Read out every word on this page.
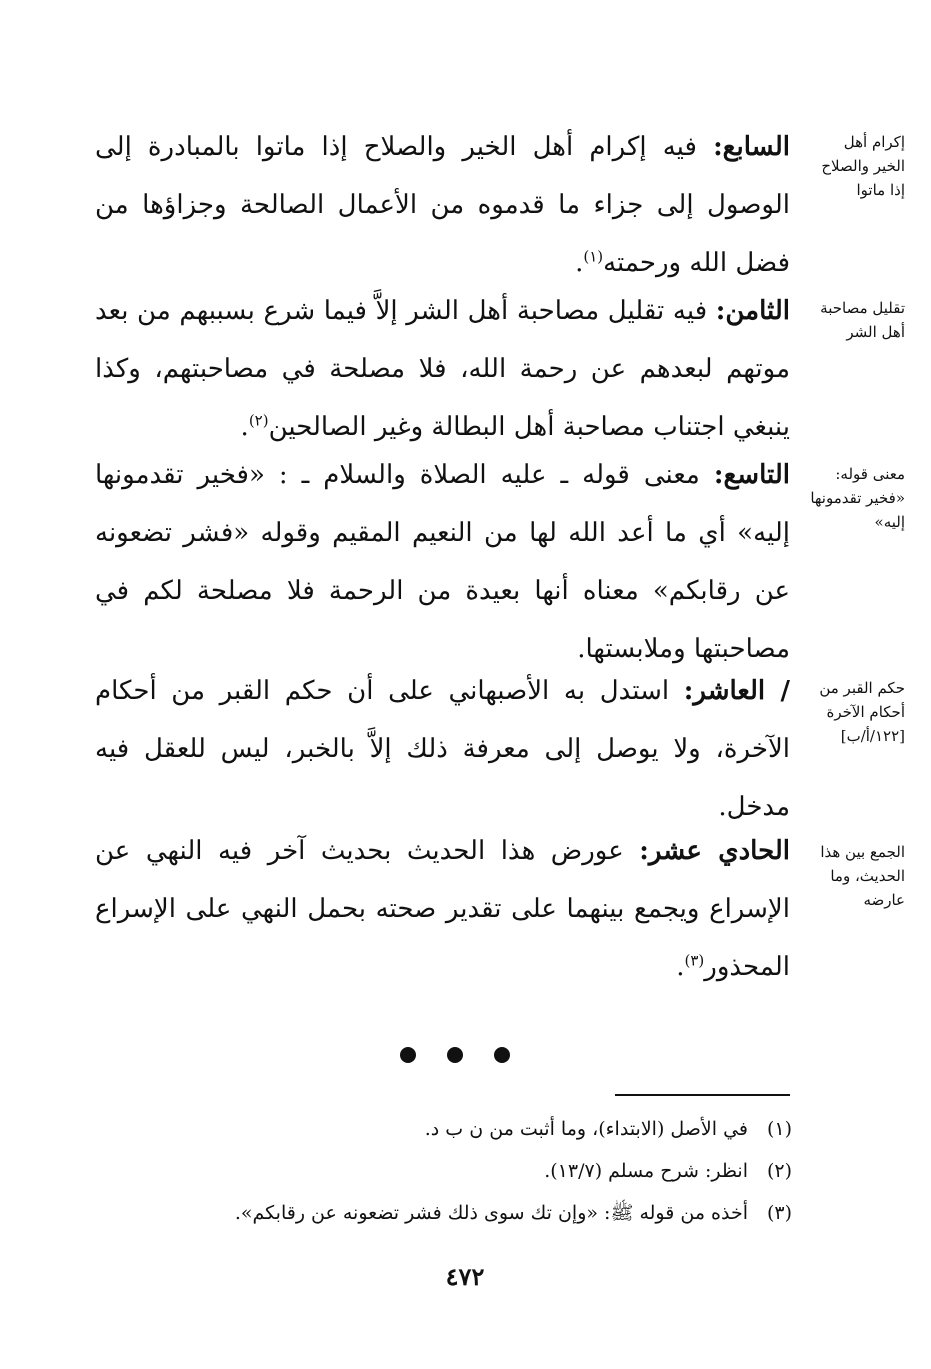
إكرام أهل الخير والصلاح إذا ماتوا
السابع: فيه إكرام أهل الخير والصلاح إذا ماتوا بالمبادرة إلى الوصول إلى جزاء ما قدموه من الأعمال الصالحة وجزاؤها من فضل الله ورحمته$^{(١)}$.
تقليل مصاحبة أهل الشر
الثامن: فيه تقليل مصاحبة أهل الشر إلاَّ فيما شرع بسببهم من بعد موتهم لبعدهم عن رحمة الله، فلا مصلحة في مصاحبتهم، وكذا ينبغي اجتناب مصاحبة أهل البطالة وغير الصالحين$^{(٢)}$.
معنى قوله: «فخير تقدمونها إليه»
التاسع: معنى قوله ـ عليه الصلاة والسلام ـ : «فخير تقدمونها إليه» أي ما أعد الله لها من النعيم المقيم وقوله «فشر تضعونه عن رقابكم» معناه أنها بعيدة من الرحمة فلا مصلحة لكم في مصاحبتها وملابستها.
حكم القبر من أحكام الآخرة [١٢٢/أ/ب]
/ العاشر: استدل به الأصبهاني على أن حكم القبر من أحكام الآخرة، ولا يوصل إلى معرفة ذلك إلاَّ بالخبر، ليس للعقل فيه مدخل.
الجمع بين هذا الحديث، وما عارضه
الحادي عشر: عورض هذا الحديث بحديث آخر فيه النهي عن الإسراع ويجمع بينهما على تقدير صحته بحمل النهي على الإسراع المحذور$^{(٣)}$.
(١)في الأصل (الابتداء)، وما أثبت من ن ب د.
(٢)انظر: شرح مسلم (١٣/٧).
(٣)أخذه من قوله ﷺ: «وإن تك سوى ذلك فشر تضعونه عن رقابكم».
٤٧٢
